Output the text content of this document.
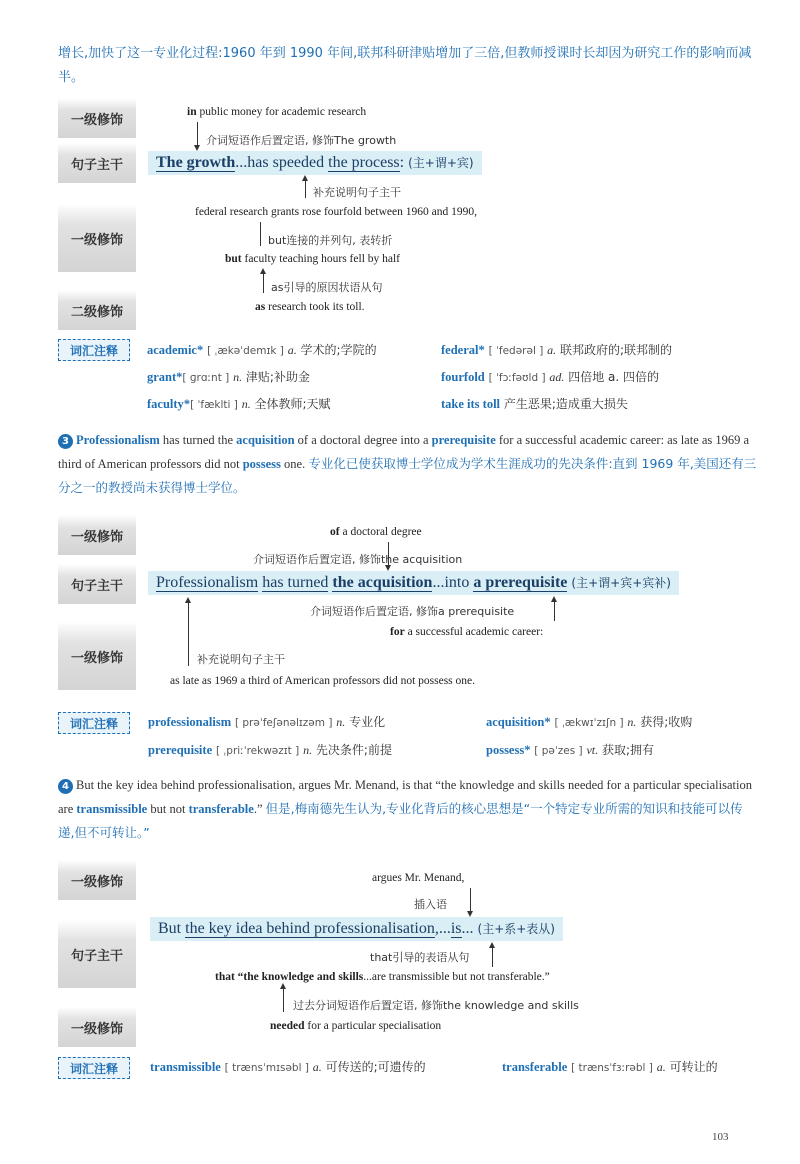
增长,加快了这一专业化过程:1960 年到 1990 年间,联邦科研津贴增加了三倍,但教师授课时长却因为研究工作的影响而减半。
一级修饰
in public money for academic research
介词短语作后置定语, 修饰The growth
句子主干	The growth...has speeded the process: (主+谓+宾)
补充说明句子主干
一级修饰
federal research grants rose fourfold between 1960 and 1990,
but连接的并列句, 表转折
but faculty teaching hours fell by half
as引导的原因状语从句
二级修饰	as research took its toll.
词汇注释	academic* [ ˌækəˈdemɪk ] a. 学术的;学院的	federal* [ ˈfedərəl ] a. 联邦政府的;联邦制的
grant*[ ɡrɑːnt ] n. 津贴;补助金	fourfold [ ˈfɔːfəʊld ] ad. 四倍地 a. 四倍的
faculty*[ ˈfæklti ] n. 全体教师;天赋	take its toll 产生恶果;造成重大损失
3 Professionalism has turned the acquisition of a doctoral degree into a prerequisite for a successful academic career: as late as 1969 a third of American professors did not possess one. 专业化已使获取博士学位成为学术生涯成功的先决条件:直到 1969 年,美国还有三分之一的教授尚未获得博士学位。
一级修饰	of a doctoral degree
介词短语作后置定语, 修饰the acquisition
句子主干	Professionalism has turned the acquisition...into a prerequisite (主+谓+宾+宾补)
介词短语作后置定语, 修饰a prerequisite
for a successful academic career:
一级修饰	补充说明句子主干
as late as 1969 a third of American professors did not possess one.
词汇注释	professionalism [ prəˈfeʃənəlɪzəm ] n. 专业化	acquisition* [ ˌækwɪˈzɪʃn ] n. 获得;收购
prerequisite [ ˌpriːˈrekwəzɪt ] n. 先决条件;前提	possess* [ pəˈzes ] vt. 获取;拥有
4 But the key idea behind professionalisation, argues Mr. Menand, is that “the knowledge and skills needed for a particular specialisation are transmissible but not transferable.” 但是,梅南德先生认为,专业化背后的核心思想是“一个特定专业所需的知识和技能可以传递,但不可转让。”
一级修饰	argues Mr. Menand,
插入语
句子主干
But the key idea behind professionalisation,...is... (主+系+表从)
that引导的表语从句
that “the knowledge and skills...are transmissible but not transferable.”
过去分词短语作后置定语, 修饰the knowledge and skills
一级修饰	needed for a particular specialisation
词汇注释	transmissible [ trænsˈmɪsəbl ] a. 可传送的;可遗传的	transferable [ trænsˈfɜːrəbl ] a. 可转让的
103
